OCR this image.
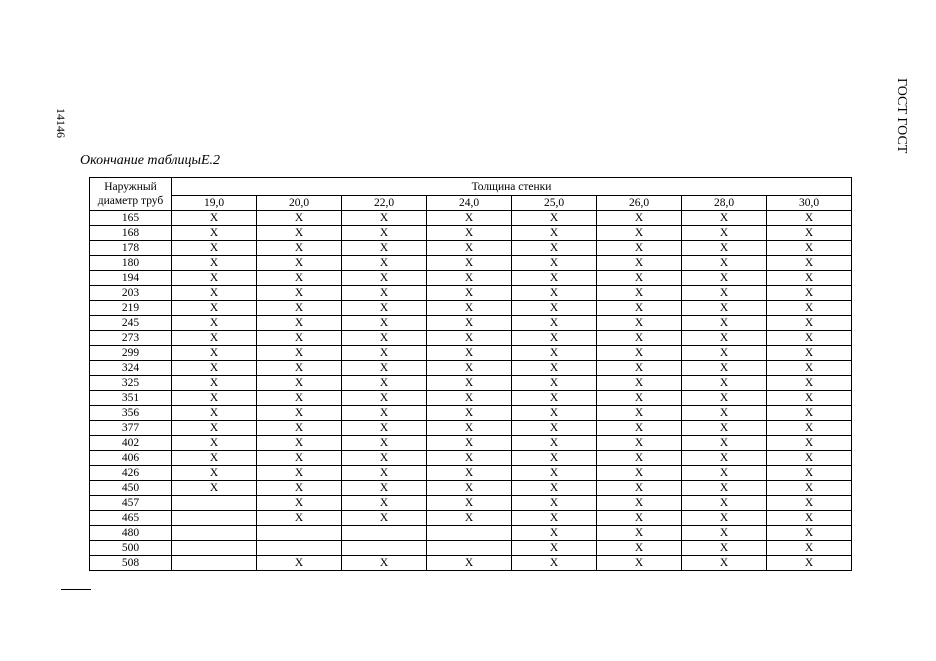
14146	ГОСТ ГОСТ
Окончание таблицыЕ.2
Наружный
диаметр труб	Толщина стенки							
	19,0	20,0	22,0	24,0	25,0	26,0	28,0	30,0
165	X	X	X	X	X	X	X	X
168	X	X	X	X	X	X	X	X
178	X	X	X	X	X	X	X	X
180	X	X	X	X	X	X	X	X
194	X	X	X	X	X	X	X	X
203	X	X	X	X	X	X	X	X
219	X	X	X	X	X	X	X	X
245	X	X	X	X	X	X	X	X
273	X	X	X	X	X	X	X	X
299	X	X	X	X	X	X	X	X
324	X	X	X	X	X	X	X	X
325	X	X	X	X	X	X	X	X
351	X	X	X	X	X	X	X	X
356	X	X	X	X	X	X	X	X
377	X	X	X	X	X	X	X	X
402	X	X	X	X	X	X	X	X
406	X	X	X	X	X	X	X	X
426	X	X	X	X	X	X	X	X
450	X	X	X	X	X	X	X	X
457		X	X	X	X	X	X	X
465		X	X	X	X	X	X	X
480					X	X	X	X
500					X	X	X	X
508		X	X	X	X	X	X	X
